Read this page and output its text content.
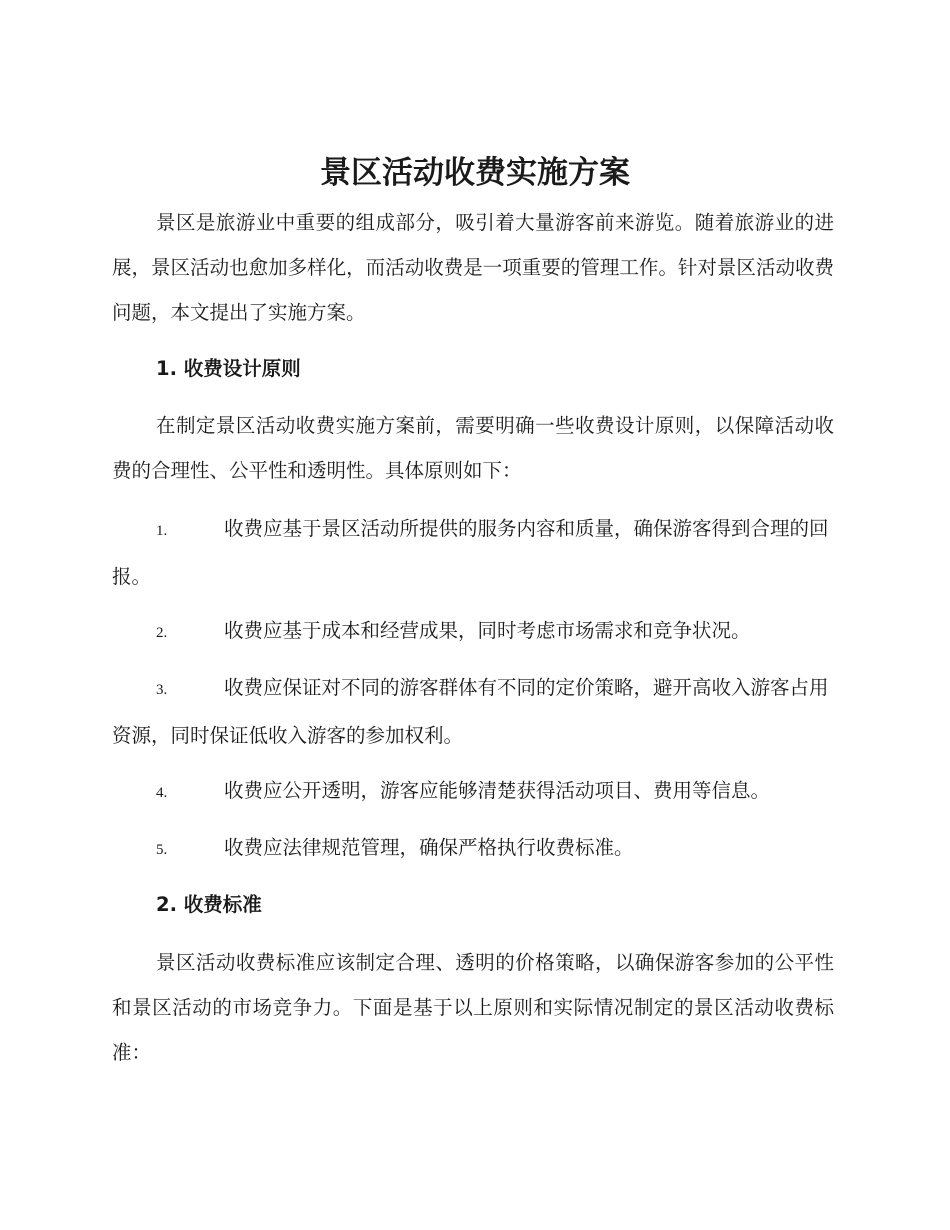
景区活动收费实施方案

景区是旅游业中重要的组成部分，吸引着大量游客前来游览。随着旅游业的进展，景区活动也愈加多样化，而活动收费是一项重要的管理工作。针对景区活动收费问题，本文提出了实施方案。

1. 收费设计原则

在制定景区活动收费实施方案前，需要明确一些收费设计原则，以保障活动收费的合理性、公平性和透明性。具体原则如下：

1.	收费应基于景区活动所提供的服务内容和质量，确保游客得到合理的回报。
2.	收费应基于成本和经营成果，同时考虑市场需求和竞争状况。
3.	收费应保证对不同的游客群体有不同的定价策略，避开高收入游客占用资源，同时保证低收入游客的参加权利。
4.	收费应公开透明，游客应能够清楚获得活动项目、费用等信息。
5.	收费应法律规范管理，确保严格执行收费标准。
2. 收费标准

景区活动收费标准应该制定合理、透明的价格策略，以确保游客参加的公平性和景区活动的市场竞争力。下面是基于以上原则和实际情况制定的景区活动收费标准：
